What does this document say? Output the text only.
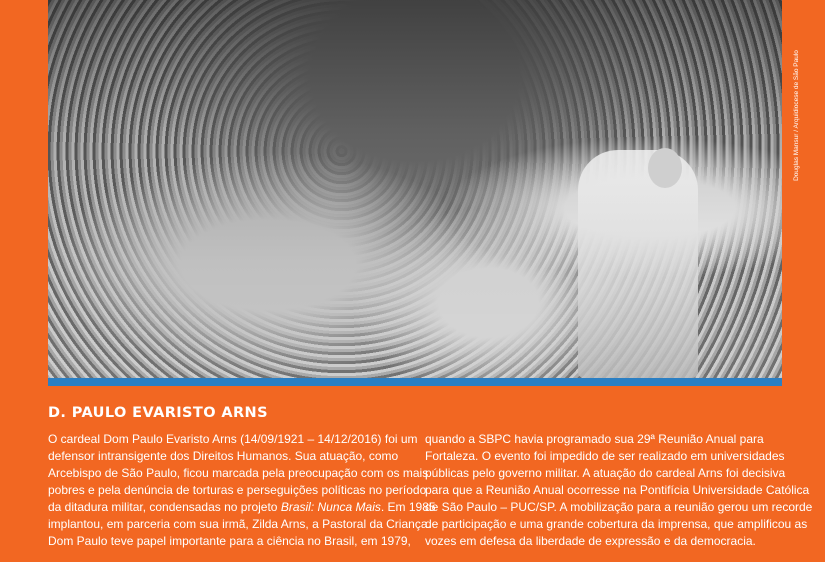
Douglas Mansur / Arquidiocese de São Paulo
D. PAULO EVARISTO ARNS
O cardeal Dom Paulo Evaristo Arns (14/09/1921 – 14/12/2016) foi um
defensor intransigente dos Direitos Humanos. Sua atuação, como
Arcebispo de São Paulo, ficou marcada pela preocupação com os mais
pobres e pela denúncia de torturas e perseguições políticas no período
da ditadura militar, condensadas no projeto Brasil: Nunca Mais. Em 1985
implantou, em parceria com sua irmã, Zilda Arns, a Pastoral da Criança.
Dom Paulo teve papel importante para a ciência no Brasil, em 1979,
quando a SBPC havia programado sua 29ª Reunião Anual para
Fortaleza. O evento foi impedido de ser realizado em universidades
públicas pelo governo militar. A atuação do cardeal Arns foi decisiva
para que a Reunião Anual ocorresse na Pontifícia Universidade Católica
de São Paulo – PUC/SP. A mobilização para a reunião gerou um recorde
de participação e uma grande cobertura da imprensa, que amplificou as
vozes em defesa da liberdade de expressão e da democracia.
